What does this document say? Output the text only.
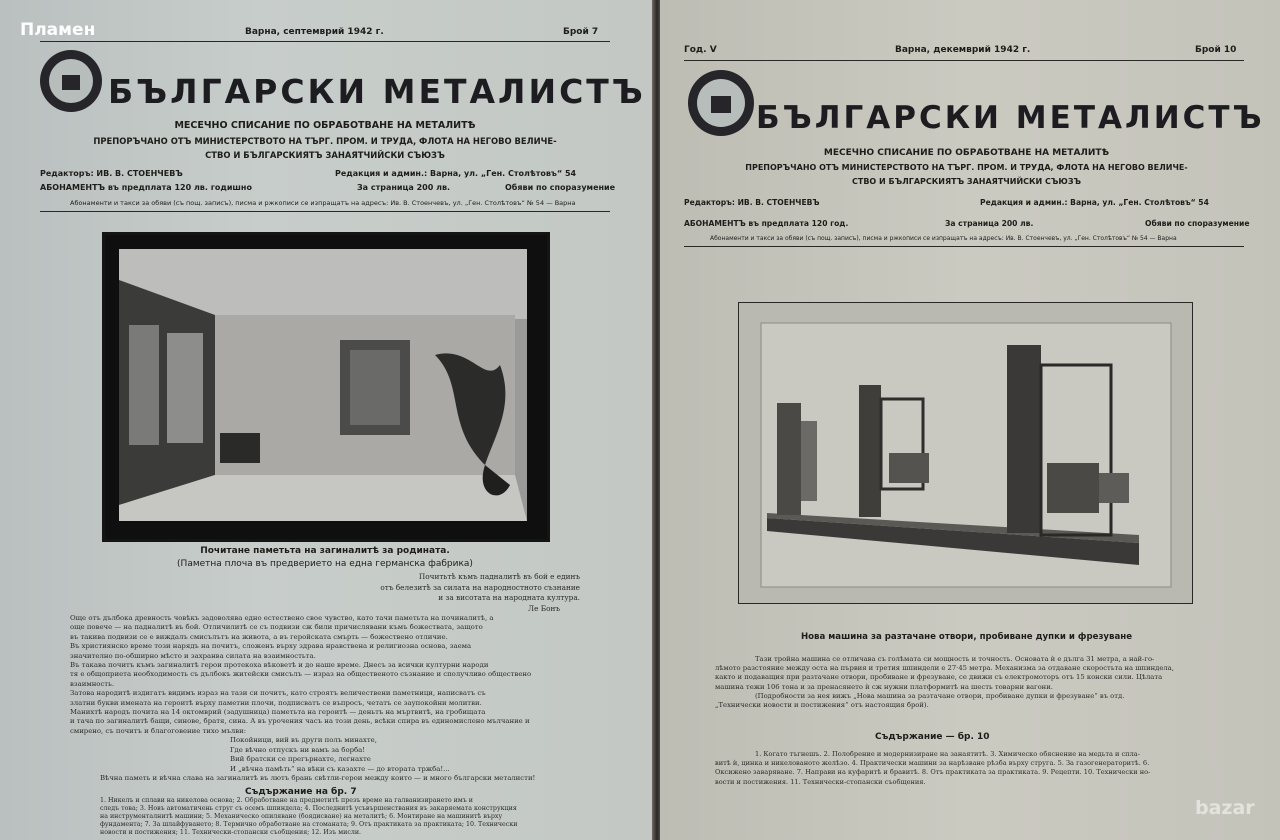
Варна, септемврий 1942 г.	Брой 7
БЪЛГАРСКИ МЕТАЛИСТЪ
МЕСЕЧНО СПИСАНИЕ ПО ОБРАБОТВАНЕ НА МЕТАЛИТѢ
ПРЕПОРЪЧАНО ОТЪ МИНИСТЕРСТВОТО НА ТЪРГ. ПРОМ. И ТРУДА, ФЛОТА НА НЕГОВО ВЕЛИЧЕ-
СТВО И БЪЛГАРСКИЯТЪ ЗАНАЯТЧИЙСКИ СЪЮЗЪ
Редакторъ: ИВ. В. СТОЕНЧЕВЪ	Редакция и админ.: Варна, ул. „Ген. Столѣтовъ“ 54
АБОНАМЕНТЪ въ предплата 120 лв. годишно	За страница 200 лв.	Обяви по споразумение
Абонаменти и такси за обяви (съ пощ. записъ), писма и ржкописи се изпращатъ на адресъ: Ив. В. Стоенчевъ, ул. „Ген. Столѣтовъ“ № 54 — Варна
Почитане паметьта на загиналитѣ за родината.
(Паметна плоча въ предверието на една германска фабрика)

Почитьтѣ къмъ падналитѣ въ бой е единъ

отъ белезитѣ за силата на народностното съзнание

и за висотата на народната култура.

Ле Бонъ

Още отъ дълбока древность човѣкъ задоволява едно естествено свое чувство, като тачи паметьта на починалитѣ, а

още повече — на падналитѣ въ бой. Отличилитѣ се съ подвизи сж били причислявани къмъ божествата, защото

въ такива подвизи се е виждалъ смисълътъ на живота, а въ геройската смърть — божествено отличие.

Въ християнско време този нарядъ на почитъ, сложенъ върху здрава нравствена и религиозна основа, заема

значително по-обширно мѣсто и захранва силата на взаимностьта.

Въ такава почитъ къмъ загиналитѣ герои протекоха вѣковетѣ и до наше време. Днесъ за всички културни народи

тя е общоприета необходимость съ дълбокъ житейски смисълъ — израз на общественото съзнание и сполучливо обществено

взаимность.

Затова народитѣ издигатъ видимъ израз на тази си почитъ, като строятъ величествени паметници, написватъ съ

златни букви имената на героитѣ върху паметни плочи, подписватъ се въпросъ, четатъ се заупокойни молитви.

Манихтѣ народъ почита на 14 октомврий (задушница) паметьта на героитѣ — деньтъ на мъртвитѣ, на гробищата

и тача по загиналитѣ бащи, синове, братя, сина. А въ урочения часъ на този день, всѣки спира въ единомислено мълчание и

смирено, съ почитъ и благоговение тихо мълви:

Покойници, вий въ други полъ минахте,

Где вѣчно отпускъ ни вамъ за борба!

Вий братски се прегърнахте, легнахте

И „вѣчна памѣть“ на вѣки съ казахте — до втората тржба!...

Вѣчна паметь и вѣчна слава на загиналитѣ въ лютъ брань свѣтли-герои между които — и много български металисти!

Съдържание на бр. 7

1. Никелъ и сплави на никелова основа; 2. Обработване на предметитѣ презъ време на галванизирането имъ и

следъ това; 3. Новъ автоматичень струг съ осемъ шпиндела; 4. Последнитѣ усъвършенствания въ закаряемата конструкция

на инструменталнитѣ машини; 5. Механическо опиляване (боядисване) на металитѣ; 6. Монтиране на машинитѣ върху

фундамента; 7. За шлайфуването; 8. Термично обработване на стоманата; 9. Отъ практиката за практиката; 10. Технически

новости и постижения; 11. Технически-стопански съобщения; 12. Изъ мисли.

Год. V	Варна, декемврий 1942 г.	Брой 10
БЪЛГАРСКИ МЕТАЛИСТЪ
МЕСЕЧНО СПИСАНИЕ ПО ОБРАБОТВАНЕ НА МЕТАЛИТѢ
ПРЕПОРЪЧАНО ОТЪ МИНИСТЕРСТВОТО НА ТЪРГ. ПРОМ. И ТРУДА, ФЛОТА НА НЕГОВО ВЕЛИЧЕ-
СТВО И БЪЛГАРСКИЯТЪ ЗАНАЯТЧИЙСКИ СЪЮЗЪ
Редакторъ: ИВ. В. СТОЕНЧЕВЪ	Редакция и админ.: Варна, ул. „Ген. Столѣтовъ“ 54
АБОНАМЕНТЪ въ предплата 120 год.	За страница 200 лв.	Обяви по споразумение
Абонаменти и такси за обяви (съ пощ. записъ), писма и ржкописи се изпращатъ на адресъ: Ив. В. Стоенчевъ, ул. „Ген. Столѣтовъ“ № 54 — Варна
Нова машина за разтачане отвори, пробиване дупки и фрезуване

Тази тройна машина се отличава съ голѣмата си мощность и точность. Основата ѝ е дълга 31 метра, а най-го-

лѣмото разстояние между оста на първия и третия шпиндели е 27·45 метра. Механизма за отдаване скоростьта на шпиндела,

както и подаващия при разтачане отвори, пробиване и фрезуване, се движи съ електромоторъ отъ 15 конски сили. Цѣлата

машина тежи 106 тона и за пренасянето ѝ сж нужни платформитѣ на шесть товарни вагони.

(Подробности за нея вижъ „Нова машина за разтачане отвори, пробиване дупки и фрезуване“ въ отд.

„Технически новости и постижения“ отъ настоящия брой).

Съдържание — бр. 10

1. Когато тъгнешъ. 2. Полобрение и модернизиране на занаятитѣ. 3. Химическо обяснение на медьта и спла-

витѣ ѝ, цинка и никелованото желѣзо. 4. Практически машини за нарѣзване рѣзба върху струга. 5. За газогенераторитѣ. 6.

Оксижено заваряване. 7. Направи на куфаритѣ и бравитѣ. 8. Отъ практиката за практиката. 9. Рецепти. 10. Технически но-

вости и постижения. 11. Технически-стопански съобщения.

Пламен
bazar
